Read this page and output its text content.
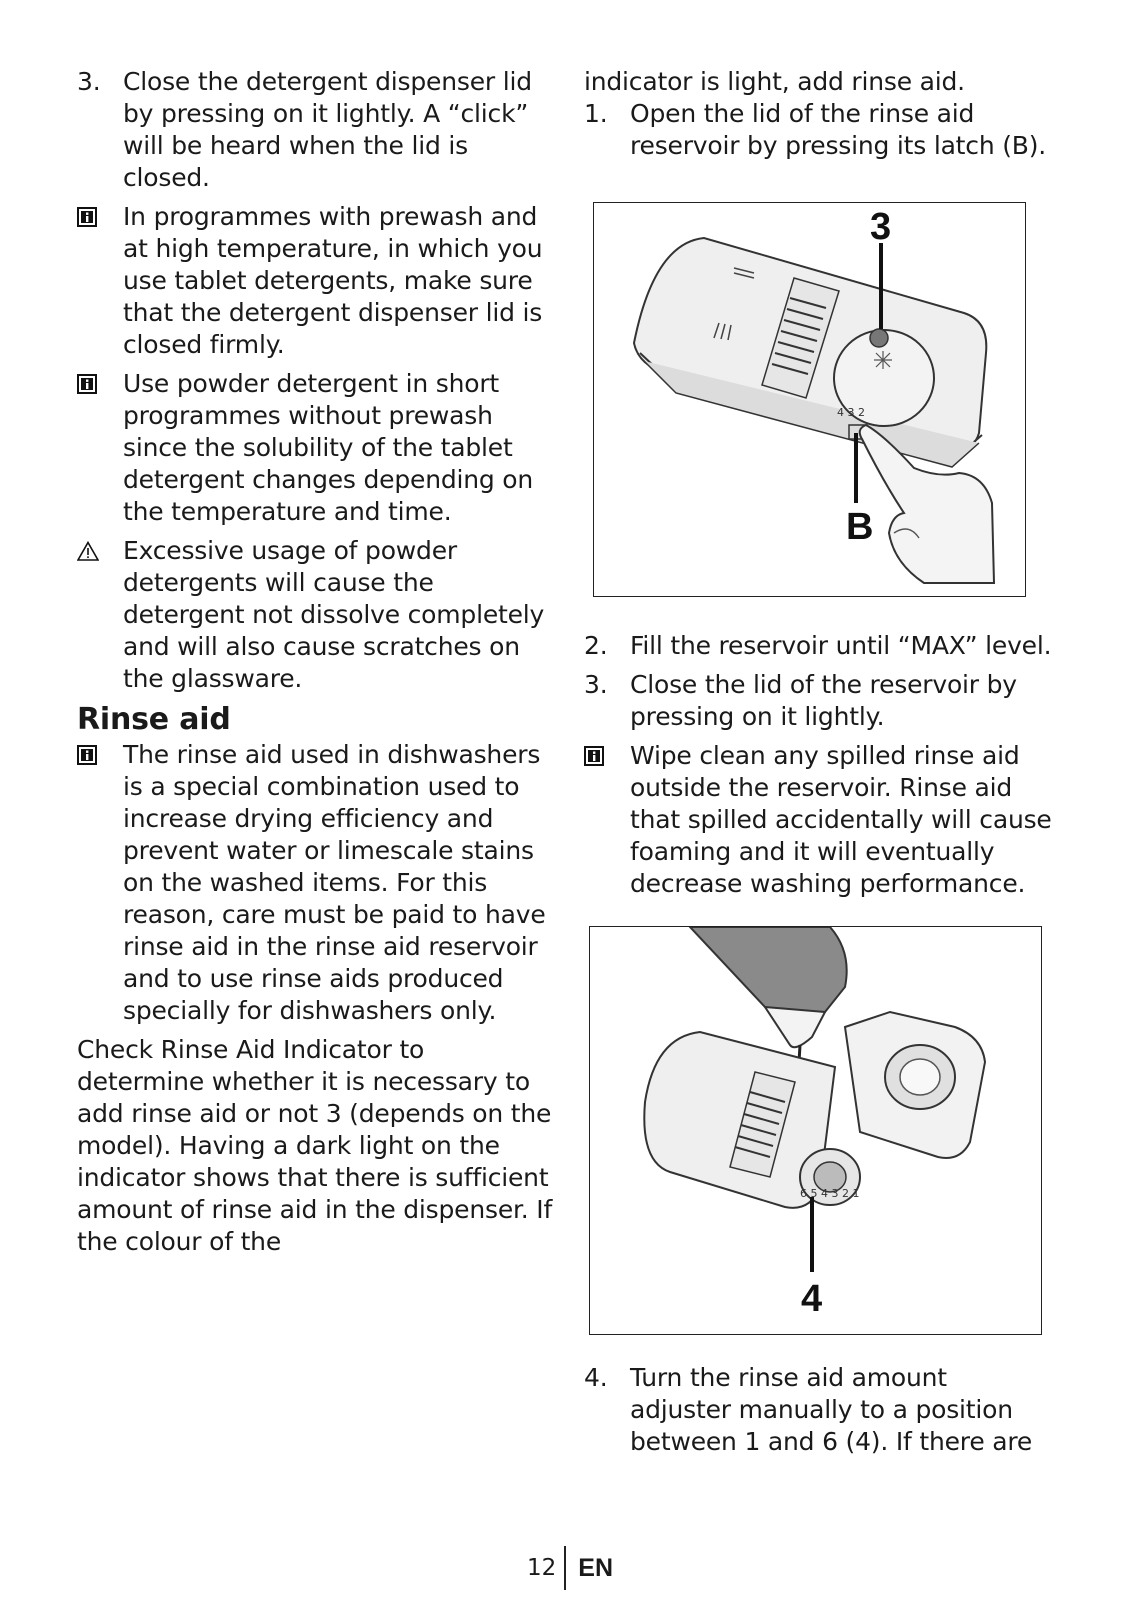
3. Close the detergent dispenser lid by pressing on it lightly. A “click” will be heard when the lid is closed.
In programmes with prewash and at high temperature, in which you use tablet detergents, make sure that the detergent dispenser lid is closed firmly.
Use powder detergent in short programmes without prewash since the solubility of the tablet detergent changes depending on the temperature and time.
Excessive usage of powder detergents will cause the detergent not dissolve completely and will also cause scratches on the glassware.
Rinse aid
The rinse aid used in dishwashers is a special combination used to increase drying efficiency and prevent water or limescale stains on the washed items. For this reason, care must be paid to have rinse aid in the rinse aid reservoir and to use rinse aids produced specially for dishwashers only.

Check Rinse Aid Indicator to determine whether it is necessary to add rinse aid or not 3 (depends on the model). Having a dark light on the indicator shows that there is sufficient amount of rinse aid in the dispenser. If the colour of the

indicator is light, add rinse aid.

1. Open the lid of the rinse aid reservoir by pressing its latch (B).
4 3 2
3
B
2. Fill the reservoir until “MAX” level.
3. Close the lid of the reservoir by pressing on it lightly.
Wipe clean any spilled rinse aid outside the reservoir. Rinse aid that spilled accidentally will cause foaming and it will eventually decrease washing performance.
6 5 4 3 2 1
4
4. Turn the rinse aid amount adjuster manually to a position between 1 and 6 (4). If there are
12 EN
